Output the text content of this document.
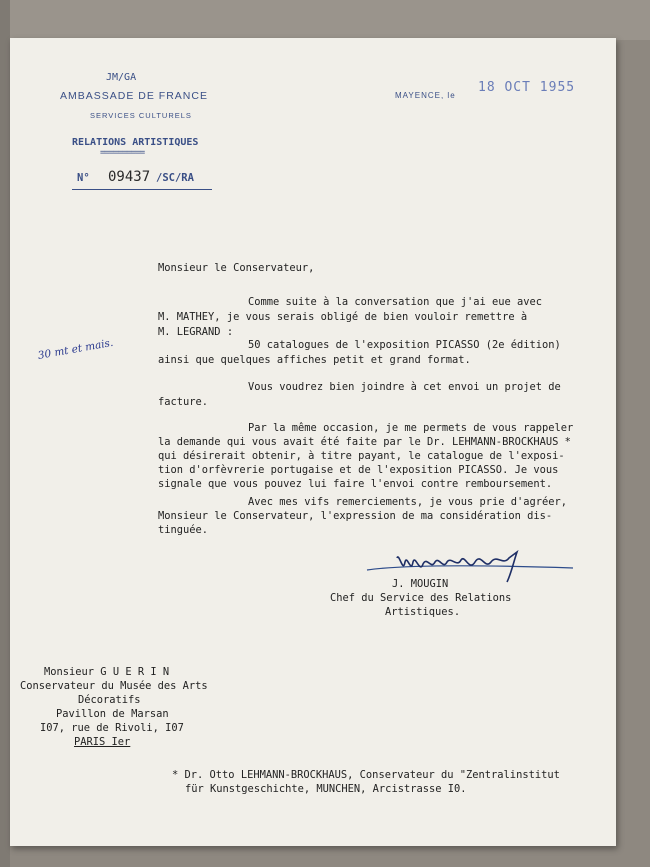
JM/GA
AMBASSADE DE FRANCE
SERVICES CULTURELS
RELATIONS ARTISTIQUES
==========
N° 09437 /SC/RA
MAYENCE, le
18 OCT 1955
Monsieur le Conservateur,
Comme suite à la conversation que j'ai eue avec
M. MATHEY, je vous serais obligé de bien vouloir remettre à
M. LEGRAND :
30 mt et mais.	50 catalogues de l'exposition PICASSO (2e édition)
ainsi que quelques affiches petit et grand format.
Vous voudrez bien joindre à cet envoi un projet de
facture.
Par la même occasion, je me permets de vous rappeler
la demande qui vous avait été faite par le Dr. LEHMANN-BROCKHAUS *
qui désirerait obtenir, à titre payant, le catalogue de l'exposi-
tion d'orfèvrerie portugaise et de l'exposition PICASSO. Je vous
signale que vous pouvez lui faire l'envoi contre remboursement.
Avec mes vifs remerciements, je vous prie d'agréer,
Monsieur le Conservateur, l'expression de ma considération dis-
tinguée.
J. MOUGIN
Chef du Service des Relations
Artistiques.
Monsieur G U E R I N
Conservateur du Musée des Arts
Décoratifs
Pavillon de Marsan
I07, rue de Rivoli, I07
PARIS Ier
* Dr. Otto LEHMANN-BROCKHAUS, Conservateur du "Zentralinstitut
für Kunstgeschichte, MUNCHEN, Arcistrasse I0.
